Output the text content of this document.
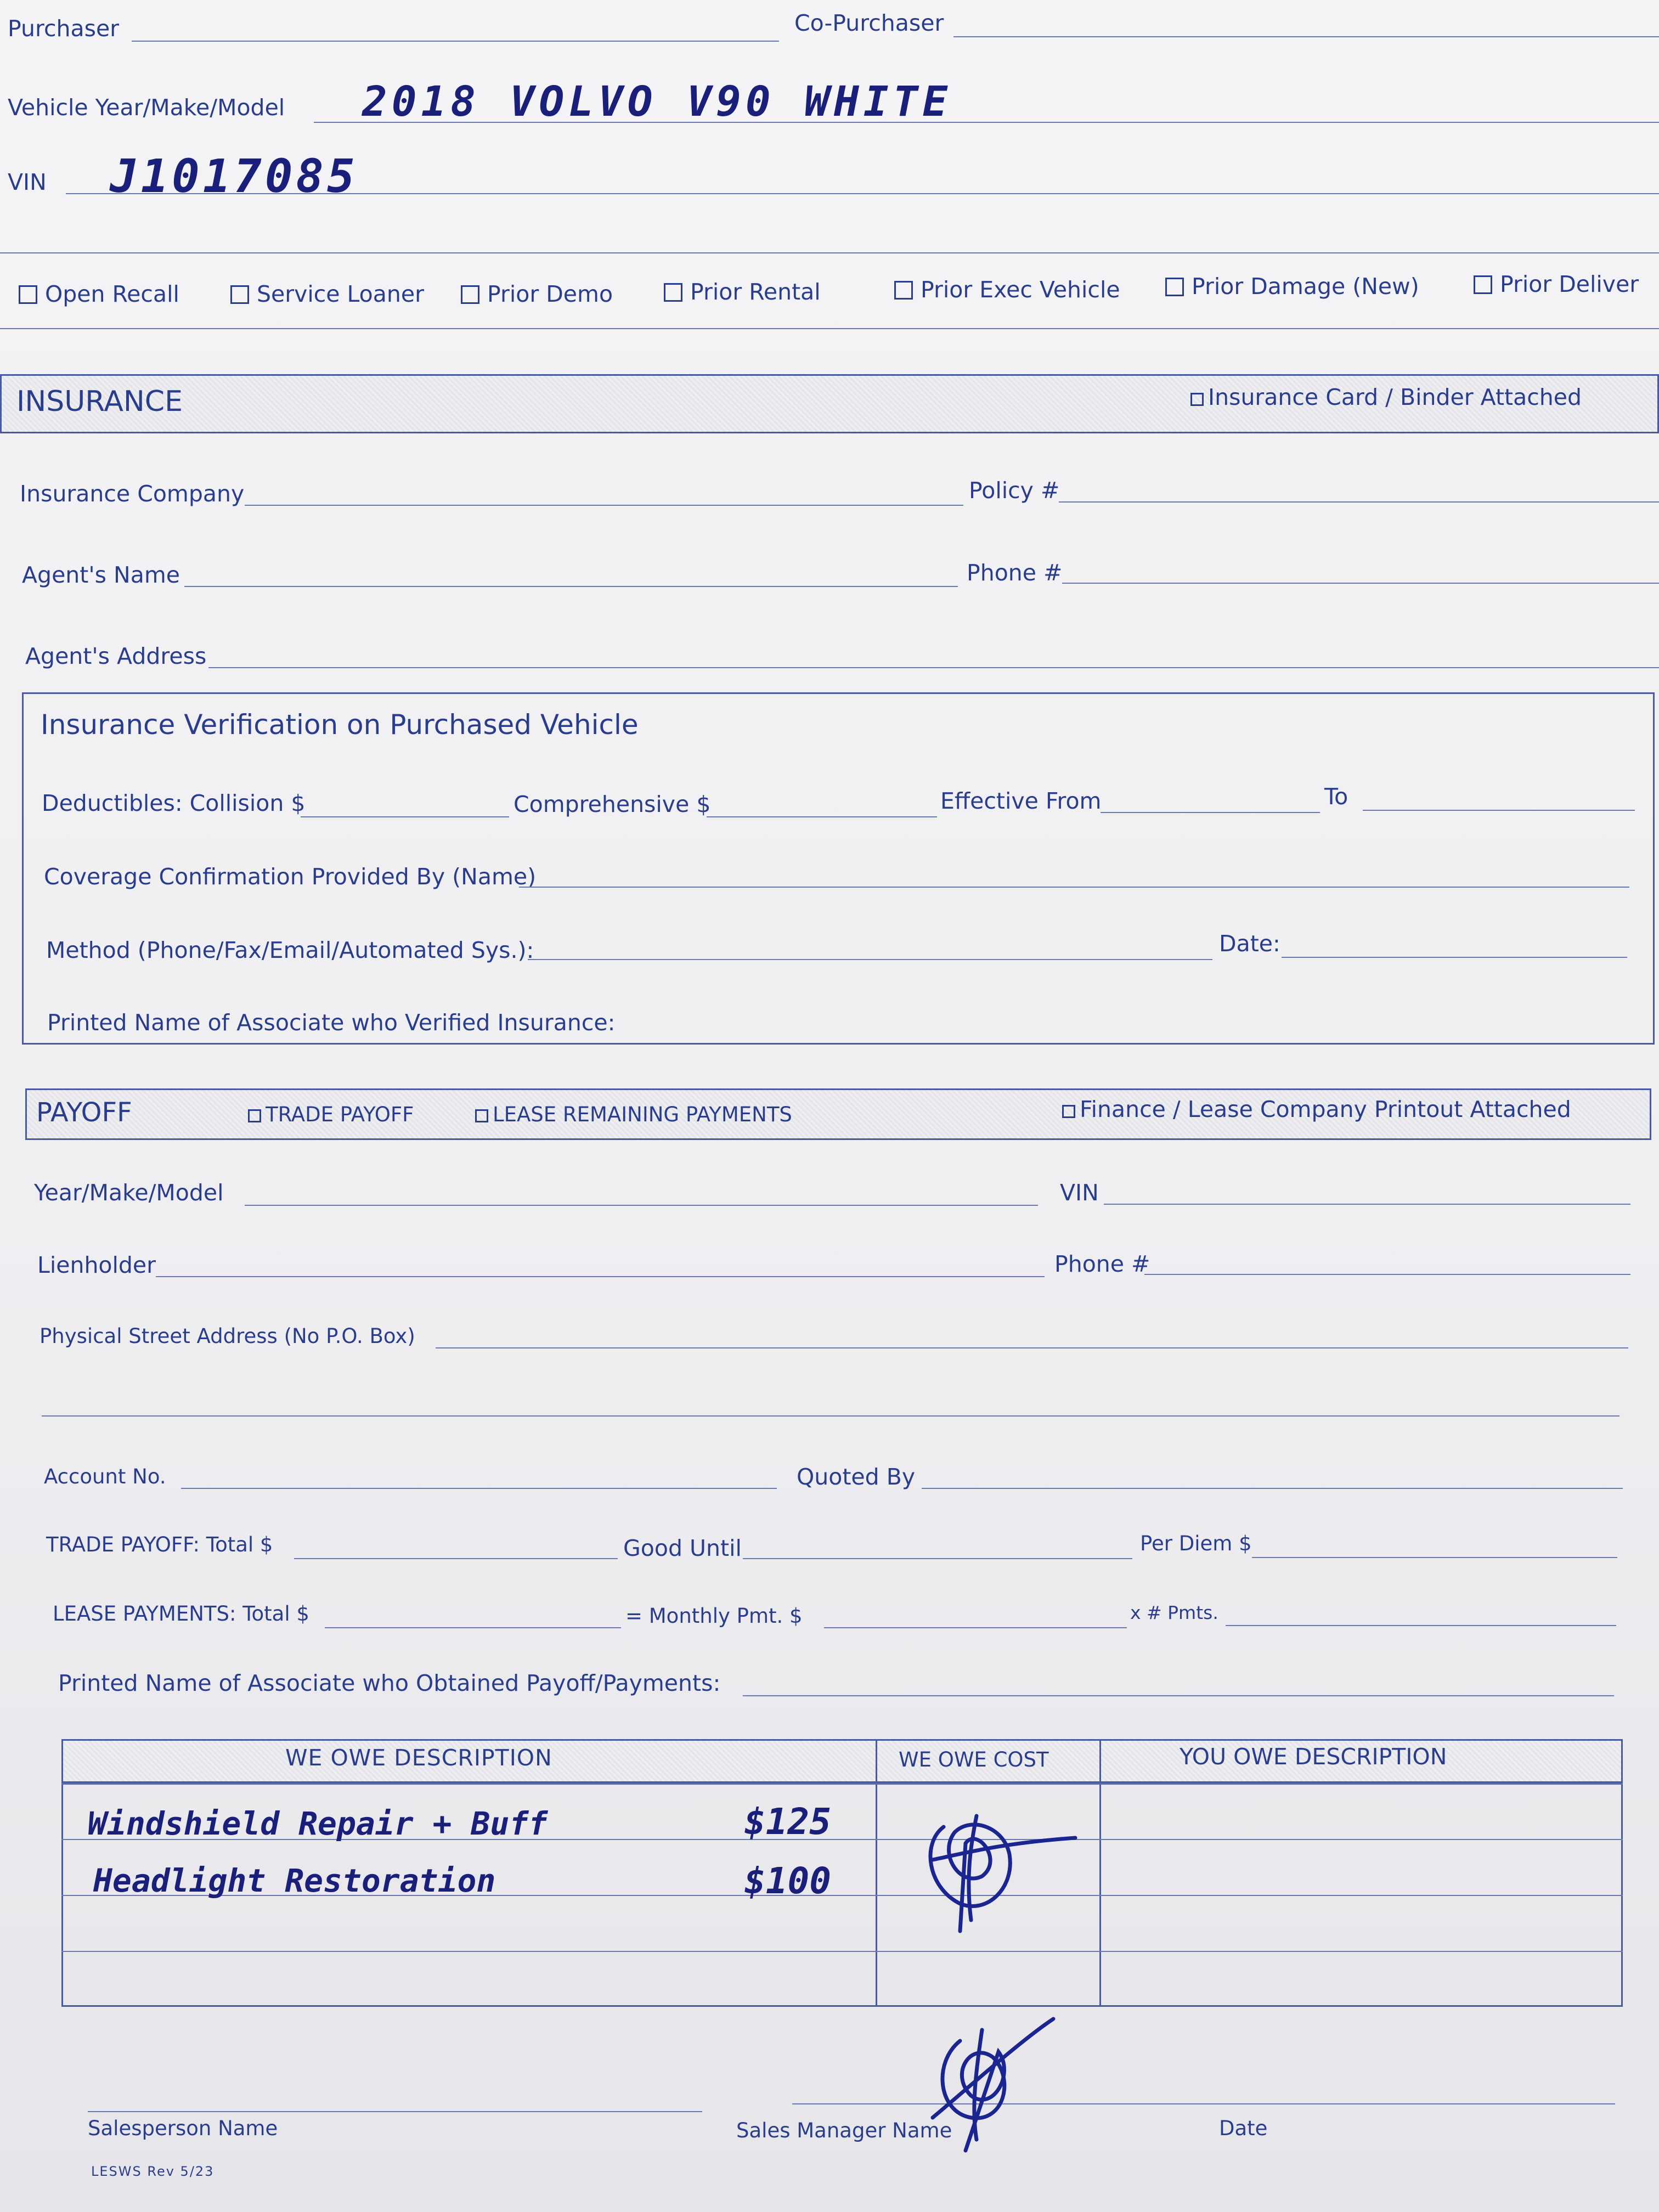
Purchaser	Co-Purchaser
Vehicle Year/Make/Model 2018 VOLVO V90 WHITE
VIN J1017085
Open Recall	Service Loaner	Prior Demo	Prior Rental	Prior Exec Vehicle	Prior Damage (New)	Prior Deliver
INSURANCE	Insurance Card / Binder Attached
Insurance Company	Policy #
Agent's Name	Phone #
Agent's Address
Insurance Verification on Purchased Vehicle
Deductibles: Collision $	Comprehensive $	Effective From	To
Coverage Confirmation Provided By (Name)
Method (Phone/Fax/Email/Automated Sys.):	Date:
Printed Name of Associate who Verified Insurance:
PAYOFF	TRADE PAYOFF	LEASE REMAINING PAYMENTS	Finance / Lease Company Printout Attached
Year/Make/Model	VIN
Lienholder	Phone #
Physical Street Address (No P.O. Box)
Account No.	Quoted By
TRADE PAYOFF: Total $	Good Until	Per Diem $
LEASE PAYMENTS: Total $	= Monthly Pmt. $	x # Pmts.
Printed Name of Associate who Obtained Payoff/Payments:
WE OWE DESCRIPTION	WE OWE COST	YOU OWE DESCRIPTION
Windshield Repair + Buff	$125
Headlight Restoration	$100
Salesperson Name	Sales Manager Name	Date
LESWS Rev 5/23
